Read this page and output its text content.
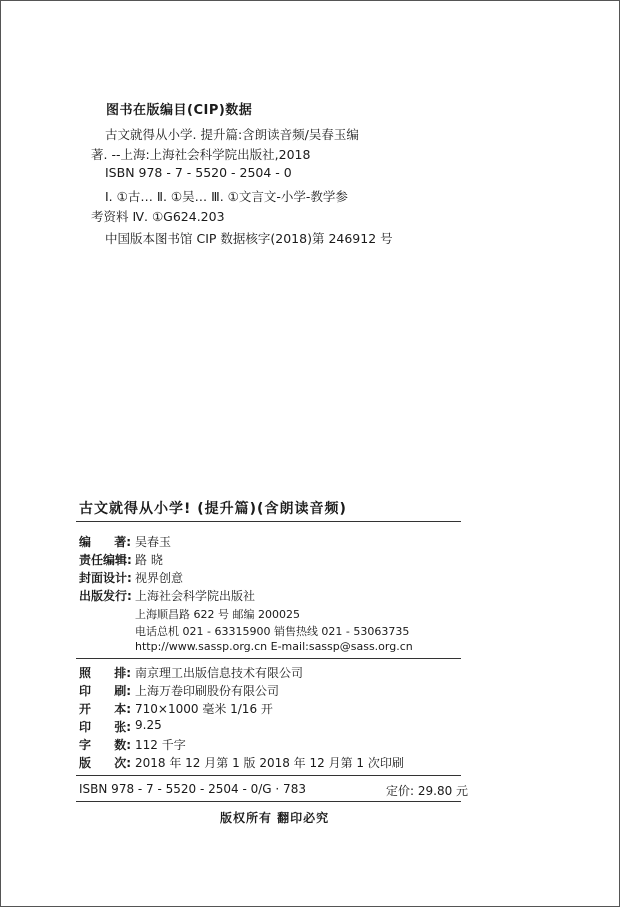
图书在版编目(CIP)数据
古文就得从小学. 提升篇:含朗读音频/吴春玉编
著. --上海:上海社会科学院出版社,2018
ISBN 978 - 7 - 5520 - 2504 - 0
Ⅰ. ①古… Ⅱ. ①吴… Ⅲ. ①文言文-小学-教学参
考资料 Ⅳ. ①G624.203
中国版本图书馆 CIP 数据核字(2018)第 246912 号
古文就得从小学! (提升篇)(含朗读音频)
编 著: 吴春玉
责任编辑: 路 晓
封面设计: 视界创意
出版发行: 上海社会科学院出版社
上海顺昌路 622 号 邮编 200025
电话总机 021 - 63315900 销售热线 021 - 53063735
http://www.sassp.org.cn E-mail:sassp@sass.org.cn
照 排: 南京理工出版信息技术有限公司
印 刷: 上海万卷印刷股份有限公司
开 本: 710×1000 毫米 1/16 开
印 张: 9.25
字 数: 112 千字
版 次: 2018 年 12 月第 1 版 2018 年 12 月第 1 次印刷
ISBN 978 - 7 - 5520 - 2504 - 0/G · 783	定价: 29.80 元
版权所有 翻印必究
